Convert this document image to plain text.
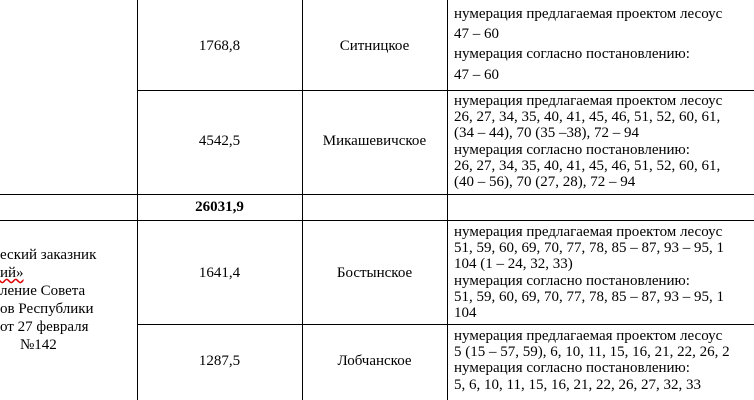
1768,8	Ситницкое
нумерация предлагаемая проектом лесоус
47 – 60
нумерация согласно постановлению:
47 – 60
4542,5	Микашевичское
нумерация предлагаемая проектом лесоус
26, 27, 34, 35, 40, 41, 45, 46, 51, 52, 60, 61,
(34 – 44), 70 (35 –38), 72 – 94
нумерация согласно постановлению:
26, 27, 34, 35, 40, 41, 45, 46, 51, 52, 60, 61,
(40 – 56), 70 (27, 28), 72 – 94
26031,9
еский заказник
ий»
ление Совета
ов Республики
от 27 февраля
№142
1641,4	Бостынское
нумерация предлагаемая проектом лесоус
51, 59, 60, 69, 70, 77, 78, 85 – 87, 93 – 95, 1
104 (1 – 24, 32, 33)
нумерация согласно постановлению:
51, 59, 60, 69, 70, 77, 78, 85 – 87, 93 – 95, 1
104
1287,5	Лобчанское
нумерация предлагаемая проектом лесоус
5 (15 – 57, 59), 6, 10, 11, 15, 16, 21, 22, 26, 2
нумерация согласно постановлению:
5, 6, 10, 11, 15, 16, 21, 22, 26, 27, 32, 33
